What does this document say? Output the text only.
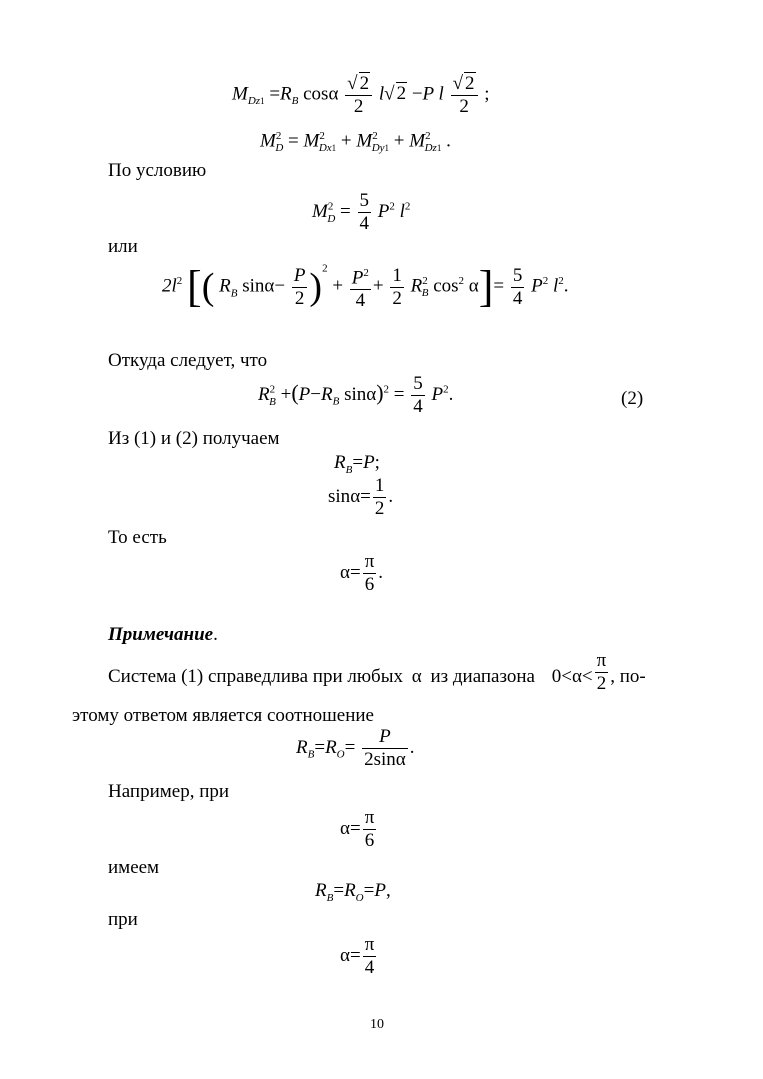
$M_{Dz1} =R_B$ cosα $\frac{√ 2}{2} l√$ 2 −P l $\frac{√ 2}{2}$ ;
$M^2_D = M^2_{Dx1} + M^2_{Dy1} + M^2_{Dz1}$ .
По условию
$M^2_D = \frac{5}{4} P^2$ $l^2$
или
$2l^2$ [( $R_B$ $\sin\alpha- \frac{P}{2} )^2 + \frac{P^2}{4} + \frac{1}{2} R^2_B$ $\cos^2 \alpha]= \frac{5}{4} P^2$ $l^2$.
Откуда следует, что
$R^2_B +(P-R_B$ $\sin\alpha)^2 = \frac{5}{4} P^2$.	(2)
Из (1) и (2) получаем
$R_B=P$;
$\sin\alpha= \frac{1}{2}$ .
То есть
$\alpha= \frac{\pi}{6}$ .
Примечание.
Система (1) справедлива при любых α из диапазона $0<\alpha< \frac{\pi}{2}$ , по-
этому ответом является соотношение
$R_B=R_O= \frac{P}{2\sin\alpha}$ .
Например, при
$\alpha= \frac{\pi}{6}$
имеем
$R_B=R_O=P$,
при
$\alpha= \frac{\pi}{4}$
10
